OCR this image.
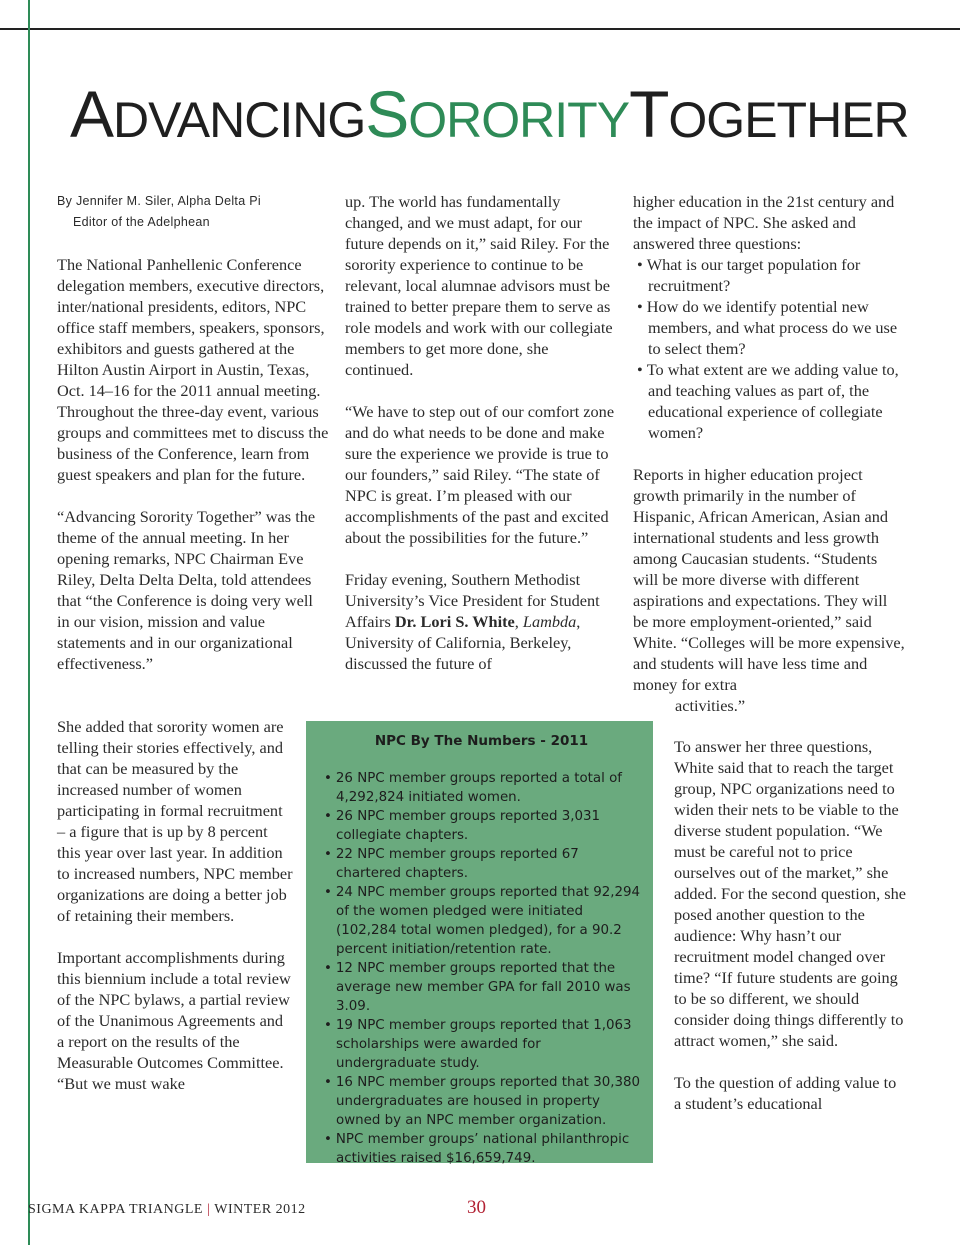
ADVANCINGSORORITYTOGETHER
By Jennifer M. Siler, Alpha Delta Pi
Editor of the Adelphean

The National Panhellenic Conference delegation members, executive directors, inter/national presidents, editors, NPC office staff members, speakers, sponsors, exhibitors and guests gathered at the Hilton Austin Airport in Austin, Texas, Oct. 14–16 for the 2011 annual meeting. Throughout the three-day event, various groups and committees met to discuss the business of the Conference, learn from guest speakers and plan for the future.

“Advancing Sorority Together” was the theme of the annual meeting. In her opening remarks, NPC Chairman Eve Riley, Delta Delta Delta, told attendees that “the Conference is doing very well in our vision, mission and value statements and in our organizational effectiveness.”

She added that sorority women are telling their stories effectively, and that can be measured by the increased number of women participating in formal recruitment – a figure that is up by 8 percent this year over last year. In addition to increased numbers, NPC member organizations are doing a better job of retaining their members.

Important accomplishments during this biennium include a total review of the NPC bylaws, a partial review of the Unanimous Agreements and a report on the results of the Measurable Outcomes Committee. “But we must wake

up. The world has fundamentally changed, and we must adapt, for our future depends on it,” said Riley. For the sorority experience to continue to be relevant, local alumnae advisors must be trained to better prepare them to serve as role models and work with our collegiate members to get more done, she continued.

“We have to step out of our comfort zone and do what needs to be done and make sure the experience we provide is true to our founders,” said Riley. “The state of NPC is great. I’m pleased with our accomplishments of the past and excited about the possibilities for the future.”

Friday evening, Southern Methodist University’s Vice President for Student Affairs Dr. Lori S. White, Lambda, University of California, Berkeley, discussed the future of

higher education in the 21st century and the impact of NPC. She asked and answered three questions:

• What is our target population for recruitment?
• How do we identify potential new members, and what process do we use to select them?
• To what extent are we adding value to, and teaching values as part of, the educational experience of collegiate women?

Reports in higher education project growth primarily in the number of Hispanic, African American, Asian and international students and less growth among Caucasian students. “Students will be more diverse with different aspirations and expectations. They will be more employment-oriented,” said White. “Colleges will be more expensive, and students will have less time and money for extra

activities.”

To answer her three questions, White said that to reach the target group, NPC organizations need to widen their nets to be viable to the diverse student population. “We must be careful not to price ourselves out of the market,” she added. For the second question, she posed another question to the audience: Why hasn’t our recruitment model changed over time? “If future students are going to be so different, we should consider doing things differently to attract women,” she said.

To the question of adding value to a student’s educational

NPC By The Numbers - 2011
• 26 NPC member groups reported a total of 4,292,824 initiated women.
• 26 NPC member groups reported 3,031 collegiate chapters.
• 22 NPC member groups reported 67 chartered chapters.
• 24 NPC member groups reported that 92,294 of the women pledged were initiated (102,284 total women pledged), for a 90.2 percent initiation/retention rate.
• 12 NPC member groups reported that the average new member GPA for fall 2010 was 3.09.
• 19 NPC member groups reported that 1,063 scholarships were awarded for undergraduate study.
• 16 NPC member groups reported that 30,380 undergraduates are housed in property owned by an NPC member organization.
• NPC member groups’ national philanthropic activities raised $16,659,749.
SIGMA KAPPA TRIANGLE | WINTER 2012	30
